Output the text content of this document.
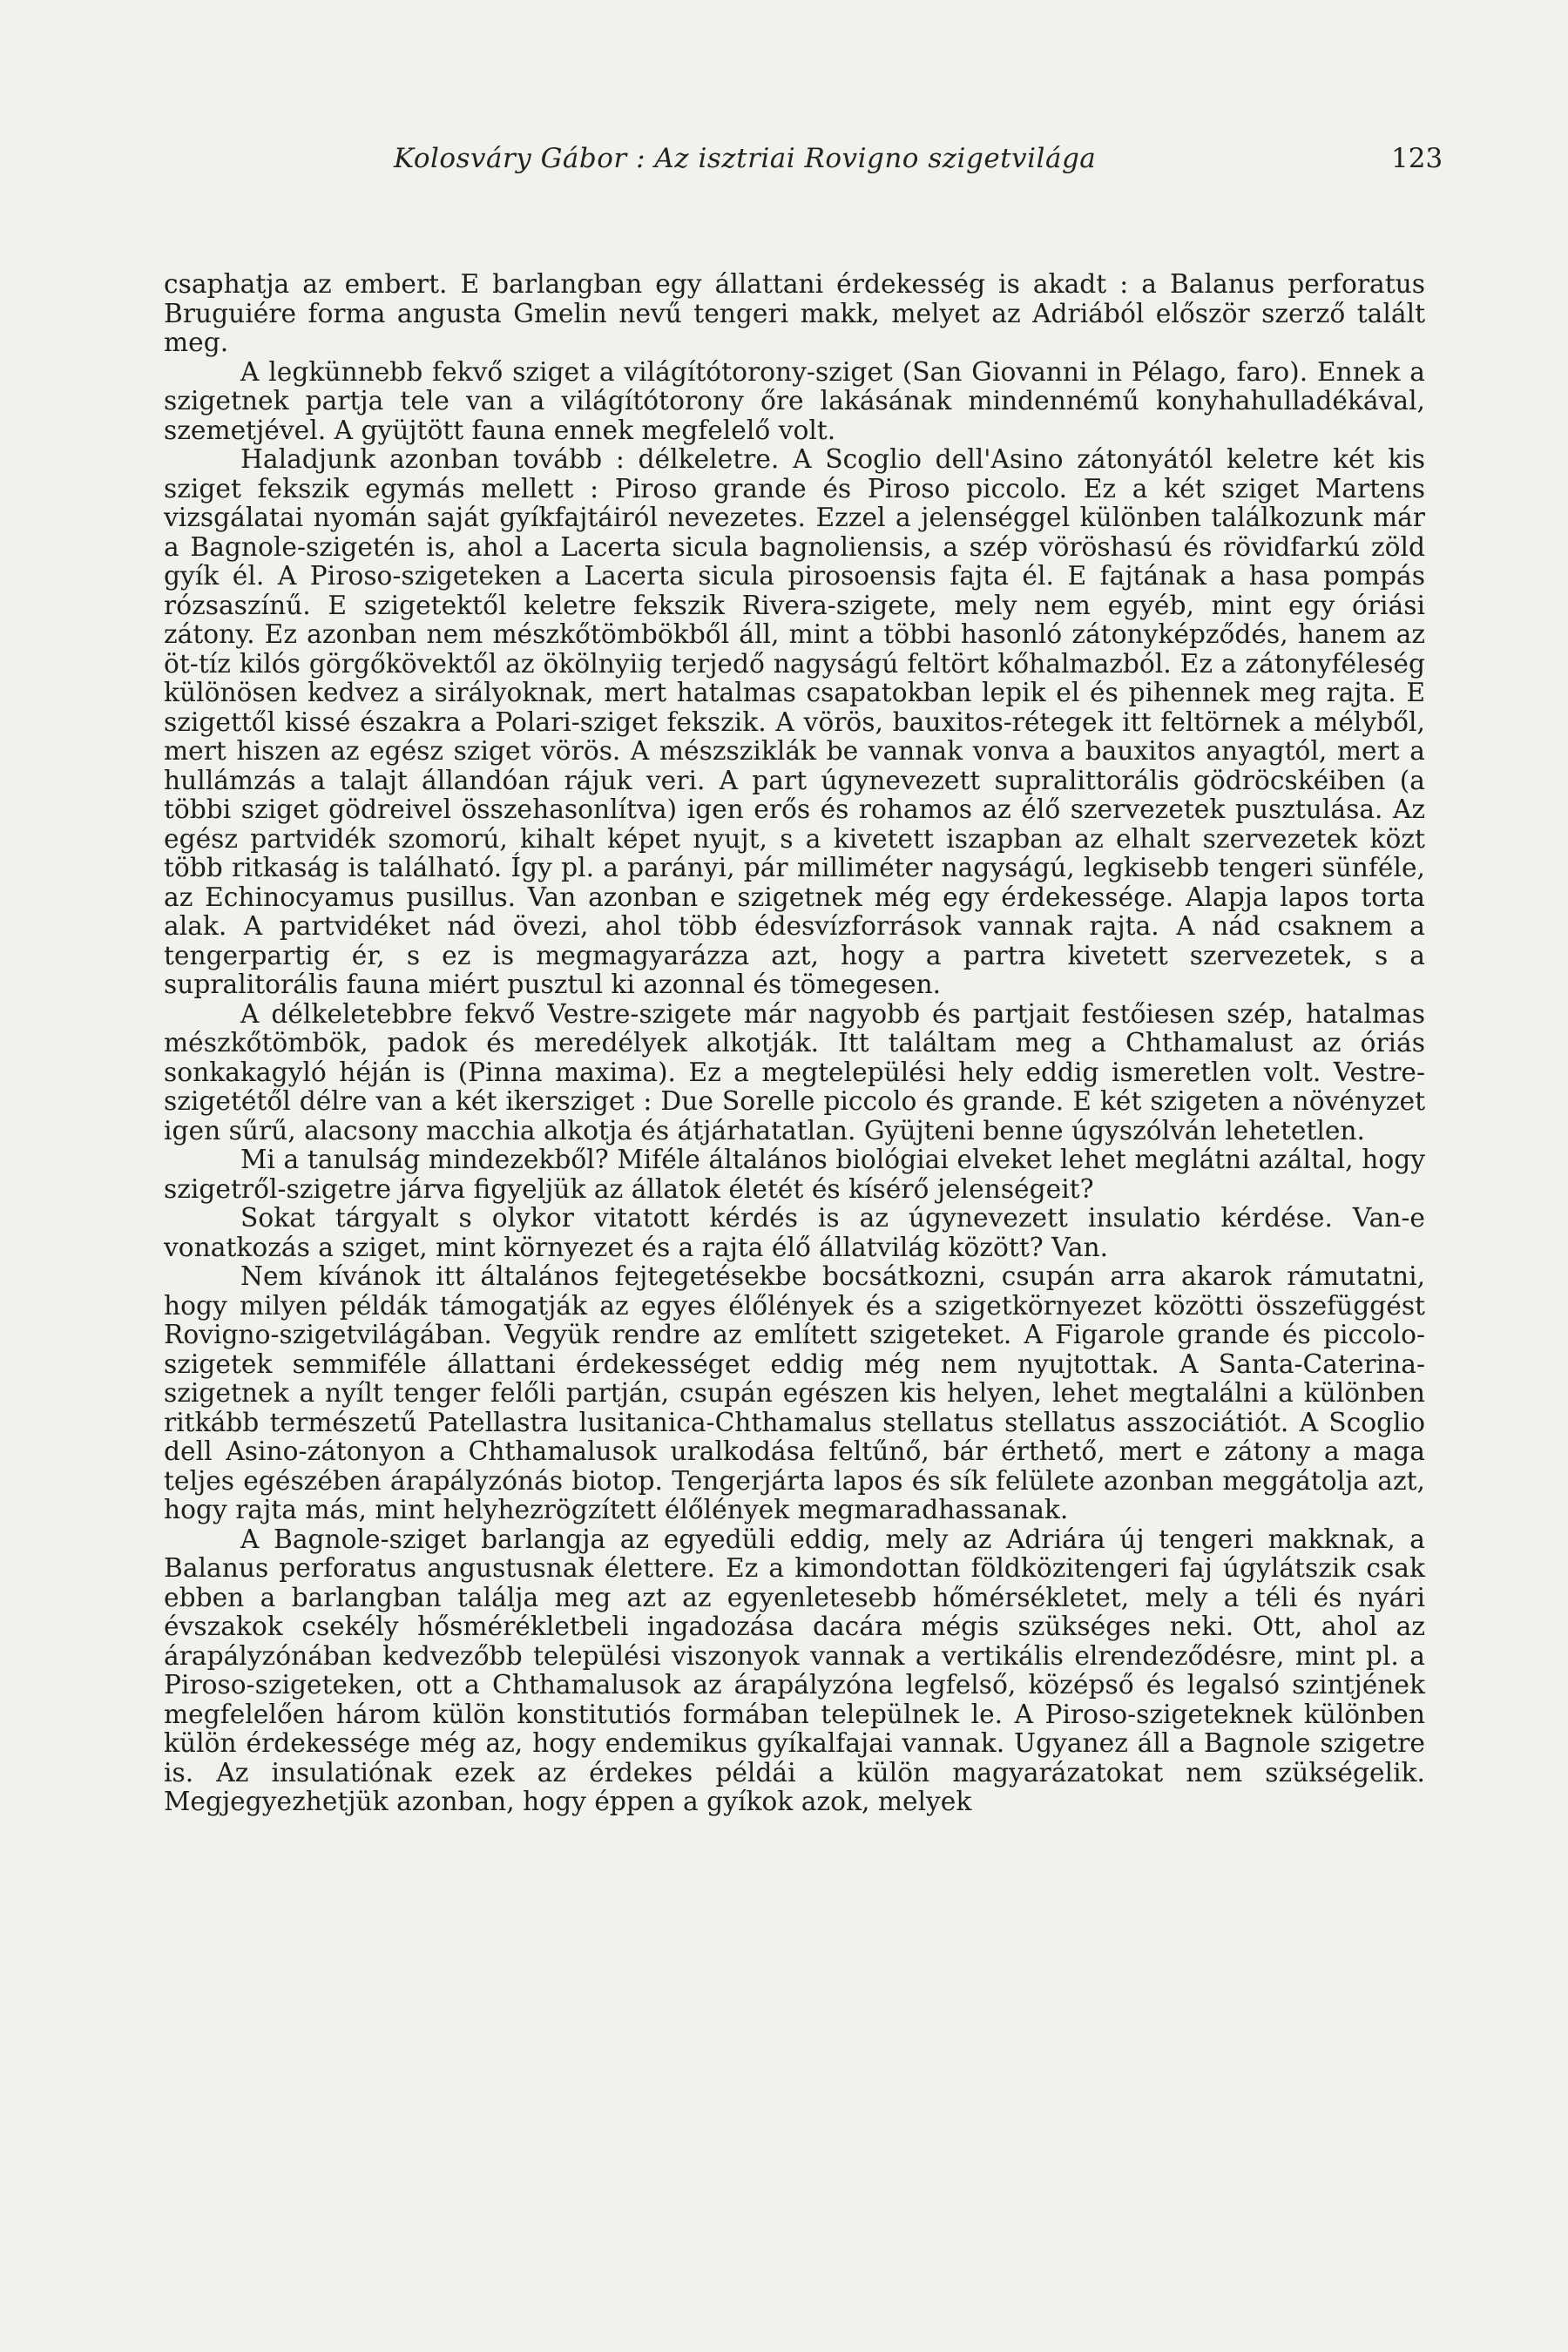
Kolosváry Gábor : Az isztriai Rovigno szigetvilága	123

csaphatja az embert. E barlangban egy állattani érdekesség is akadt : a Balanus perforatus Bruguiére forma angusta Gmelin nevű tengeri makk, melyet az Adriából először szerző talált meg.

A legkünnebb fekvő sziget a világítótorony-sziget (San Giovanni in Pélago, faro). Ennek a szigetnek partja tele van a világítótorony őre lakásának mindennémű konyhahulladékával, szemetjével. A gyüjtött fauna ennek megfelelő volt.

Haladjunk azonban tovább : délkeletre. A Scoglio dell'Asino zátonyától keletre két kis sziget fekszik egymás mellett : Piroso grande és Piroso piccolo. Ez a két sziget Martens vizsgálatai nyomán saját gyíkfajtáiról nevezetes. Ezzel a jelenséggel különben találkozunk már a Bagnole-szigetén is, ahol a Lacerta sicula bagnoliensis, a szép vöröshasú és rövidfarkú zöld gyík él. A Piroso-szigeteken a Lacerta sicula pirosoensis fajta él. E fajtának a hasa pompás rózsaszínű. E szigetektől keletre fekszik Rivera-szigete, mely nem egyéb, mint egy óriási zátony. Ez azonban nem mészkőtömbökből áll, mint a többi hasonló zátonyképződés, hanem az öt-tíz kilós görgőkövektől az ökölnyiig terjedő nagyságú feltört kőhalmazból. Ez a zátonyféleség különösen kedvez a sirályoknak, mert hatalmas csapatokban lepik el és pihennek meg rajta. E szigettől kissé északra a Polari-sziget fekszik. A vörös, bauxitos-rétegek itt feltörnek a mélyből, mert hiszen az egész sziget vörös. A mészsziklák be vannak vonva a bauxitos anyagtól, mert a hullámzás a talajt állandóan rájuk veri. A part úgynevezett supralittorális gödröcskéiben (a többi sziget gödreivel összehasonlítva) igen erős és rohamos az élő szervezetek pusztulása. Az egész partvidék szomorú, kihalt képet nyujt, s a kivetett iszapban az elhalt szervezetek közt több ritkaság is található. Így pl. a parányi, pár milliméter nagyságú, legkisebb tengeri sünféle, az Echinocyamus pusillus. Van azonban e szigetnek még egy érdekessége. Alapja lapos torta alak. A partvidéket nád övezi, ahol több édesvízforrások vannak rajta. A nád csaknem a tengerpartig ér, s ez is megmagyarázza azt, hogy a partra kivetett szervezetek, s a supralitorális fauna miért pusztul ki azonnal és tömegesen.

A délkeletebbre fekvő Vestre-szigete már nagyobb és partjait festőiesen szép, hatalmas mészkőtömbök, padok és meredélyek alkotják. Itt találtam meg a Chthamalust az óriás sonkakagyló héján is (Pinna maxima). Ez a megtelepülési hely eddig ismeretlen volt. Vestre-szigetétől délre van a két ikersziget : Due Sorelle piccolo és grande. E két szigeten a növényzet igen sűrű, alacsony macchia alkotja és átjárhatatlan. Gyüjteni benne úgyszólván lehetetlen.

Mi a tanulság mindezekből? Miféle általános biológiai elveket lehet meglátni azáltal, hogy szigetről-szigetre járva figyeljük az állatok életét és kísérő jelenségeit?

Sokat tárgyalt s olykor vitatott kérdés is az úgynevezett insulatio kérdése. Van-e vonatkozás a sziget, mint környezet és a rajta élő állatvilág között? Van.

Nem kívánok itt általános fejtegetésekbe bocsátkozni, csupán arra akarok rámutatni, hogy milyen példák támogatják az egyes élőlények és a szigetkörnyezet közötti összefüggést Rovigno-szigetvilágában. Vegyük rendre az említett szigeteket. A Figarole grande és piccolo-szigetek semmiféle állattani érdekességet eddig még nem nyujtottak. A Santa-Caterina-szigetnek a nyílt tenger felőli partján, csupán egészen kis helyen, lehet megtalálni a különben ritkább természetű Patellastra lusitanica-Chthamalus stellatus stellatus asszociátiót. A Scoglio dell Asino-zátonyon a Chthamalusok uralkodása feltűnő, bár érthető, mert e zátony a maga teljes egészében árapályzónás biotop. Tengerjárta lapos és sík felülete azonban meggátolja azt, hogy rajta más, mint helyhezrögzített élőlények megmaradhassanak.

A Bagnole-sziget barlangja az egyedüli eddig, mely az Adriára új tengeri makknak, a Balanus perforatus angustusnak élettere. Ez a kimondottan földközitengeri faj úgylátszik csak ebben a barlangban találja meg azt az egyenletesebb hőmérsékletet, mely a téli és nyári évszakok csekély hősmérékletbeli ingadozása dacára mégis szükséges neki. Ott, ahol az árapályzónában kedvezőbb települési viszonyok vannak a vertikális elrendeződésre, mint pl. a Piroso-szigeteken, ott a Chthamalusok az árapályzóna legfelső, középső és legalsó szintjének megfelelően három külön konstitutiós formában települnek le. A Piroso-szigeteknek különben külön érdekessége még az, hogy endemikus gyíkalfajai vannak. Ugyanez áll a Bagnole szigetre is. Az insulatiónak ezek az érdekes példái a külön magyarázatokat nem szükségelik. Megjegyezhetjük azonban, hogy éppen a gyíkok azok, melyek
